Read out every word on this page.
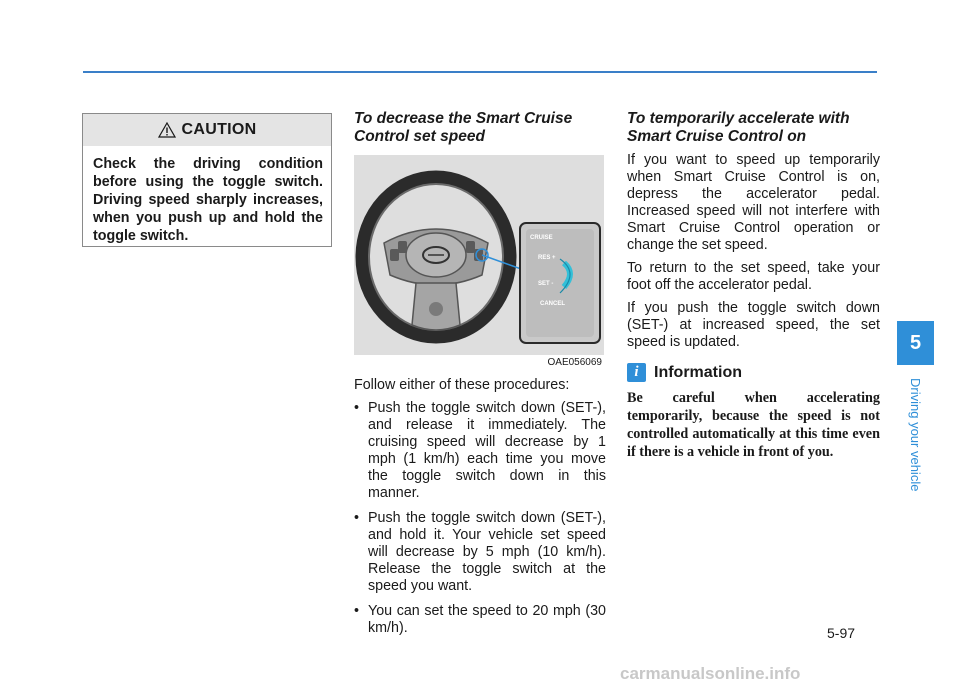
CAUTION
Check the driving condition before using the toggle switch. Driving speed sharply increases, when you push up and hold the toggle switch.
To decrease the Smart Cruise Control set speed
CRUISE
RES +
SET -
CANCEL
OAE056069

Follow either of these procedures:

• Push the toggle switch down (SET-), and release it immediately. The cruising speed will decrease by 1 mph (1 km/h) each time you move the toggle switch down in this manner.
• Push the toggle switch down (SET-), and hold it. Your vehicle set speed will decrease by 5 mph (10 km/h). Release the toggle switch at the speed you want.
• You can set the speed to 20 mph (30 km/h).
To temporarily accelerate with Smart Cruise Control on

If you want to speed up temporarily when Smart Cruise Control is on, depress the accelerator pedal. Increased speed will not interfere with Smart Cruise Control operation or change the set speed.

To return to the set speed, take your foot off the accelerator pedal.

If you push the toggle switch down (SET-) at increased speed, the set speed is updated.

i Information
Be careful when accelerating temporarily, because the speed is not controlled automatically at this time even if there is a vehicle in front of you.
5
Driving your vehicle
5-97
carmanualsonline.info
